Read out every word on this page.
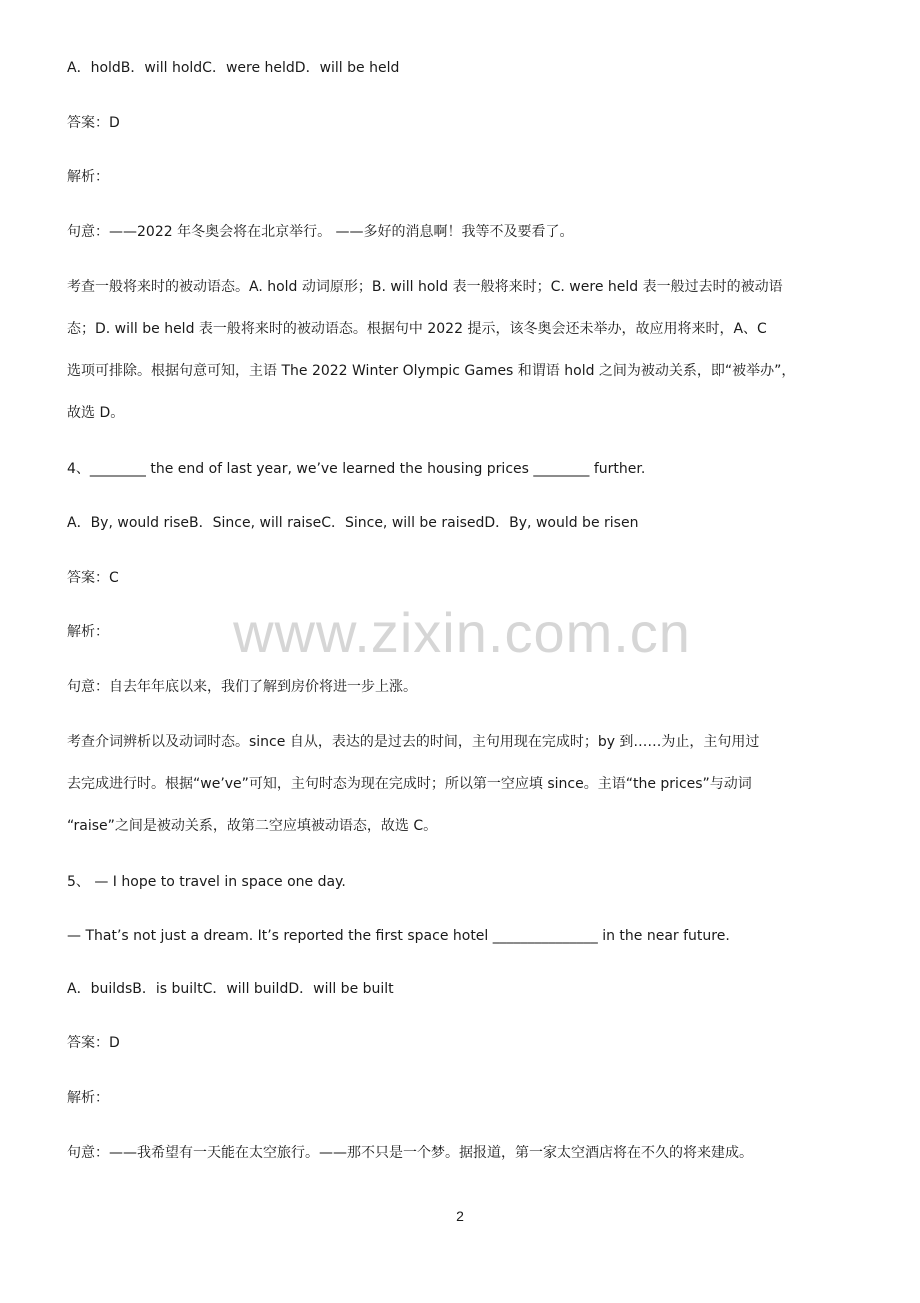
A．holdB．will holdC．were heldD．will be held
答案：D
解析：
句意：——2022 年冬奥会将在北京举行。 ——多好的消息啊！我等不及要看了。
考查一般将来时的被动语态。A. hold 动词原形；B. will hold 表一般将来时；C. were held 表一般过去时的被动语
态；D. will be held 表一般将来时的被动语态。根据句中 2022 提示，该冬奥会还未举办，故应用将来时，A、C
选项可排除。根据句意可知，主语 The 2022 Winter Olympic Games 和谓语 hold 之间为被动关系，即“被举办”，
故选 D。
4、________ the end of last year, we’ve learned the housing prices ________ further.
A．By, would riseB．Since, will raiseC．Since, will be raisedD．By, would be risen
答案：C
解析：
句意：自去年年底以来，我们了解到房价将进一步上涨。
考查介词辨析以及动词时态。since 自从，表达的是过去的时间，主句用现在完成时；by 到……为止，主句用过
去完成进行时。根据“we’ve”可知，主句时态为现在完成时；所以第一空应填 since。主语“the prices”与动词
“raise”之间是被动关系，故第二空应填被动语态，故选 C。
5、 — I hope to travel in space one day.
— That’s not just a dream. It’s reported the first space hotel _______________ in the near future.
A．buildsB．is builtC．will buildD．will be built
答案：D
解析：
句意：——我希望有一天能在太空旅行。——那不只是一个梦。据报道，第一家太空酒店将在不久的将来建成。
www.zixin.com.cn
2
